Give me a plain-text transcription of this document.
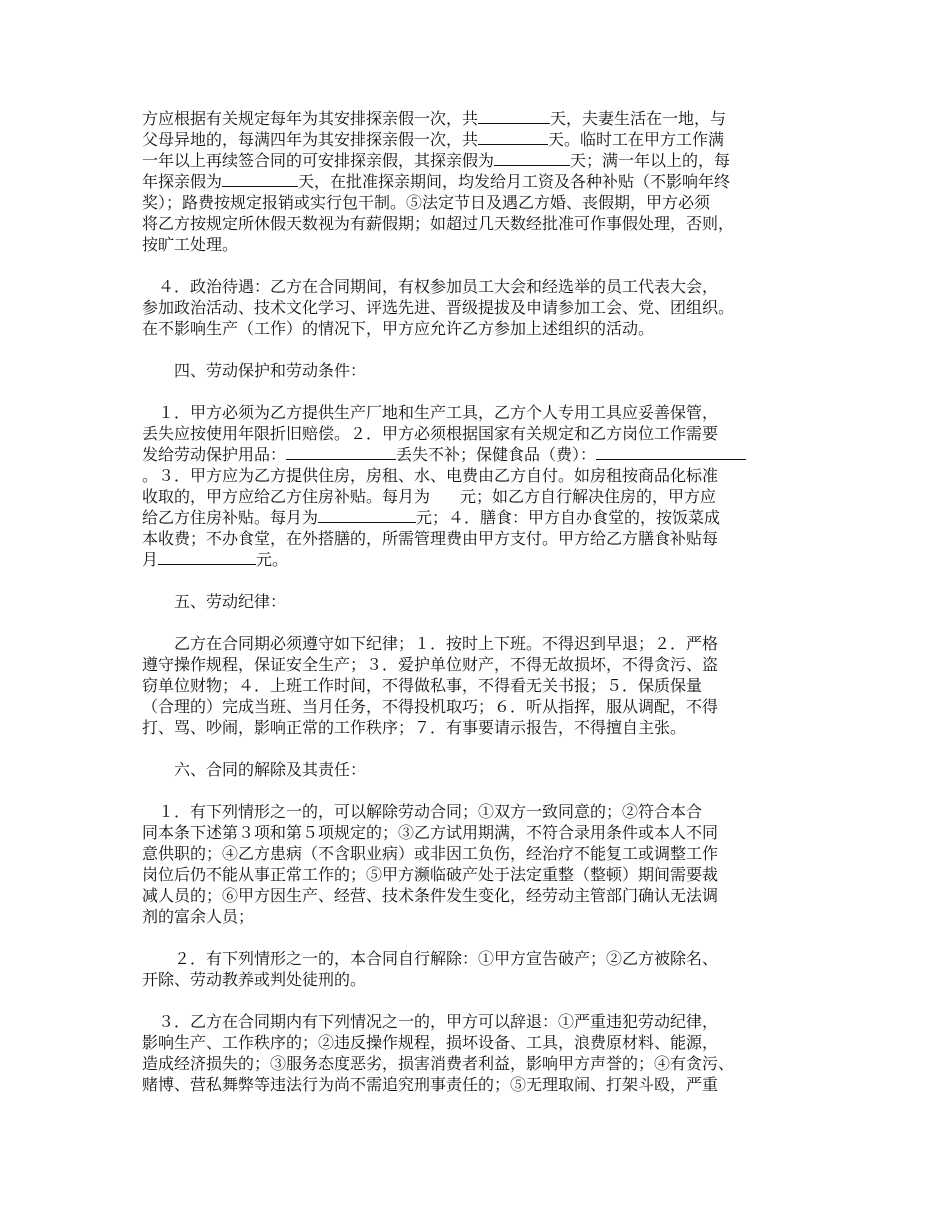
方应根据有关规定每年为其安排探亲假一次，共	天，夫妻生活在一地，与
父母异地的，每满四年为其安排探亲假一次，共	天。临时工在甲方工作满
一年以上再续签合同的可安排探亲假，其探亲假为	天；满一年以上的，每
年探亲假为	天，在批准探亲期间，均发给月工资及各种补贴（不影响年终
奖）；路费按规定报销或实行包干制。⑤法定节日及遇乙方婚、丧假期，甲方必须
将乙方按规定所休假天数视为有薪假期；如超过几天数经批准可作事假处理，否则，
按旷工处理。
　４．政治待遇：乙方在合同期间，有权参加员工大会和经选举的员工代表大会，
参加政治活动、技术文化学习、评选先进、晋级提拔及申请参加工会、党、团组织。
在不影响生产（工作）的情况下，甲方应允许乙方参加上述组织的活动。
四、劳动保护和劳动条件：
　１．甲方必须为乙方提供生产厂地和生产工具，乙方个人专用工具应妥善保管，
丢失应按使用年限折旧赔偿。２．甲方必须根据国家有关规定和乙方岗位工作需要
发给劳动保护用品：	丢失不补；保健食品（费）：
。３．甲方应为乙方提供住房，房租、水、电费由乙方自付。如房租按商品化标准
收取的，甲方应给乙方住房补贴。每月为 元；如乙方自行解决住房的，甲方应
给乙方住房补贴。每月为	元；４．膳食：甲方自办食堂的，按饭菜成
本收费；不办食堂，在外搭膳的，所需管理费由甲方支付。甲方给乙方膳食补贴每
月	元。
五、劳动纪律：
乙方在合同期必须遵守如下纪律；１．按时上下班。不得迟到早退；２．严格
遵守操作规程，保证安全生产；３．爱护单位财产，不得无故损坏，不得贪污、盗
窃单位财物；４．上班工作时间，不得做私事，不得看无关书报；５．保质保量
（合理的）完成当班、当月任务，不得投机取巧；６．听从指挥，服从调配，不得
打、骂、吵闹，影响正常的工作秩序；７．有事要请示报告，不得擅自主张。
六、合同的解除及其责任：
　１．有下列情形之一的，可以解除劳动合同；①双方一致同意的；②符合本合
同本条下述第３项和第５项规定的；③乙方试用期满，不符合录用条件或本人不同
意供职的；④乙方患病（不含职业病）或非因工负伤，经治疗不能复工或调整工作
岗位后仍不能从事正常工作的；⑤甲方濒临破产处于法定重整（整顿）期间需要裁
减人员的；⑥甲方因生产、经营、技术条件发生变化，经劳动主管部门确认无法调
剂的富余人员；
　２．有下列情形之一的，本合同自行解除：①甲方宣告破产；②乙方被除名、
开除、劳动教养或判处徒刑的。
　３．乙方在合同期内有下列情况之一的，甲方可以辞退：①严重违犯劳动纪律，
影响生产、工作秩序的；②违反操作规程，损坏设备、工具，浪费原材料、能源，
造成经济损失的；③服务态度恶劣，损害消费者利益，影响甲方声誉的；④有贪污、
赌博、营私舞弊等违法行为尚不需追究刑事责任的；⑤无理取闹、打架斗殴，严重
